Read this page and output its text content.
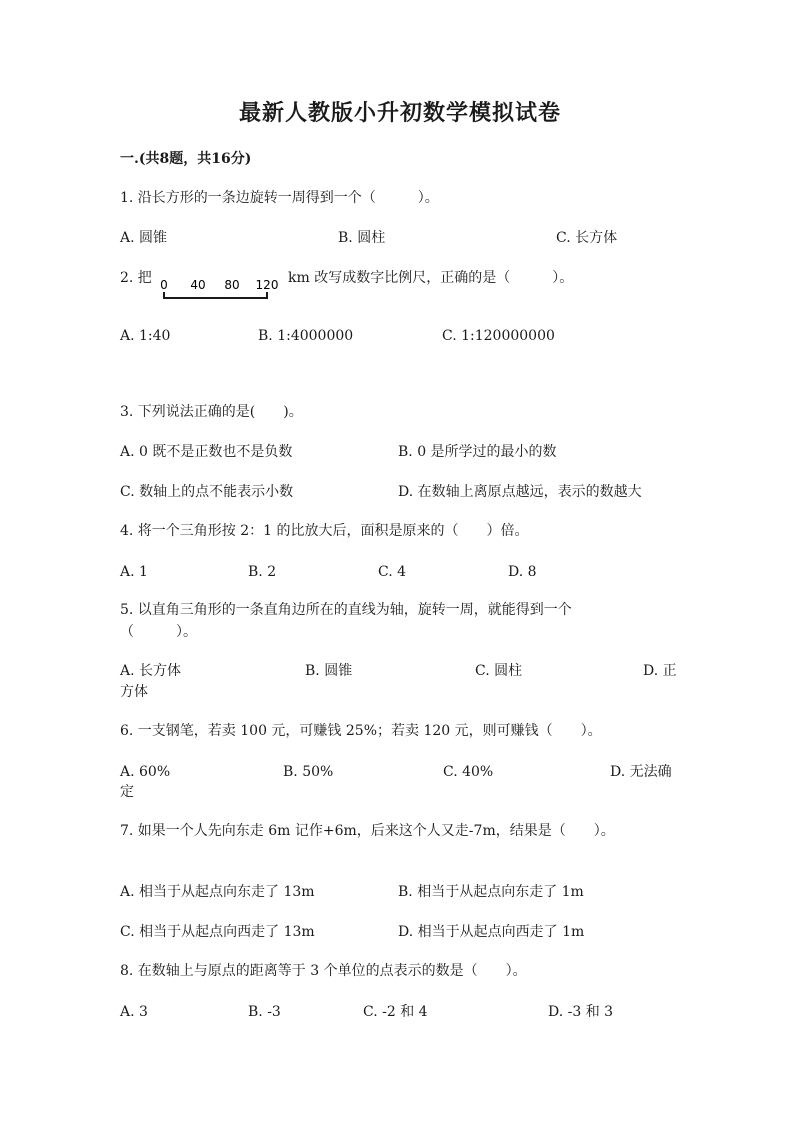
最新人教版小升初数学模拟试卷
一.(共8题，共16分)
1. 沿长方形的一条边旋转一周得到一个（　　　）。
A. 圆锥	B. 圆柱	C. 长方体
2. 把 0 40 80 120 km 改写成数字比例尺，正确的是（　　　）。
A. 1:40	B. 1:4000000	C. 1:120000000
3. 下列说法正确的是(　　)。
A. 0 既不是正数也不是负数	B. 0 是所学过的最小的数
C. 数轴上的点不能表示小数	D. 在数轴上离原点越远，表示的数越大
4. 将一个三角形按 2：1 的比放大后，面积是原来的（　　）倍。
A. 1	B. 2	C. 4	D. 8
5. 以直角三角形的一条直角边所在的直线为轴，旋转一周，就能得到一个
（　　　）。
A. 长方体	B. 圆锥	C. 圆柱	D. 正
方体
6. 一支钢笔，若卖 100 元，可赚钱 25%；若卖 120 元，则可赚钱（　　）。
A. 60%	B. 50%	C. 40%	D. 无法确
定
7. 如果一个人先向东走 6m 记作+6m，后来这个人又走-7m，结果是（　　）。
A. 相当于从起点向东走了 13m	B. 相当于从起点向东走了 1m
C. 相当于从起点向西走了 13m	D. 相当于从起点向西走了 1m
8. 在数轴上与原点的距离等于 3 个单位的点表示的数是（　　）。
A. 3	B. -3	C. -2 和 4	D. -3 和 3
